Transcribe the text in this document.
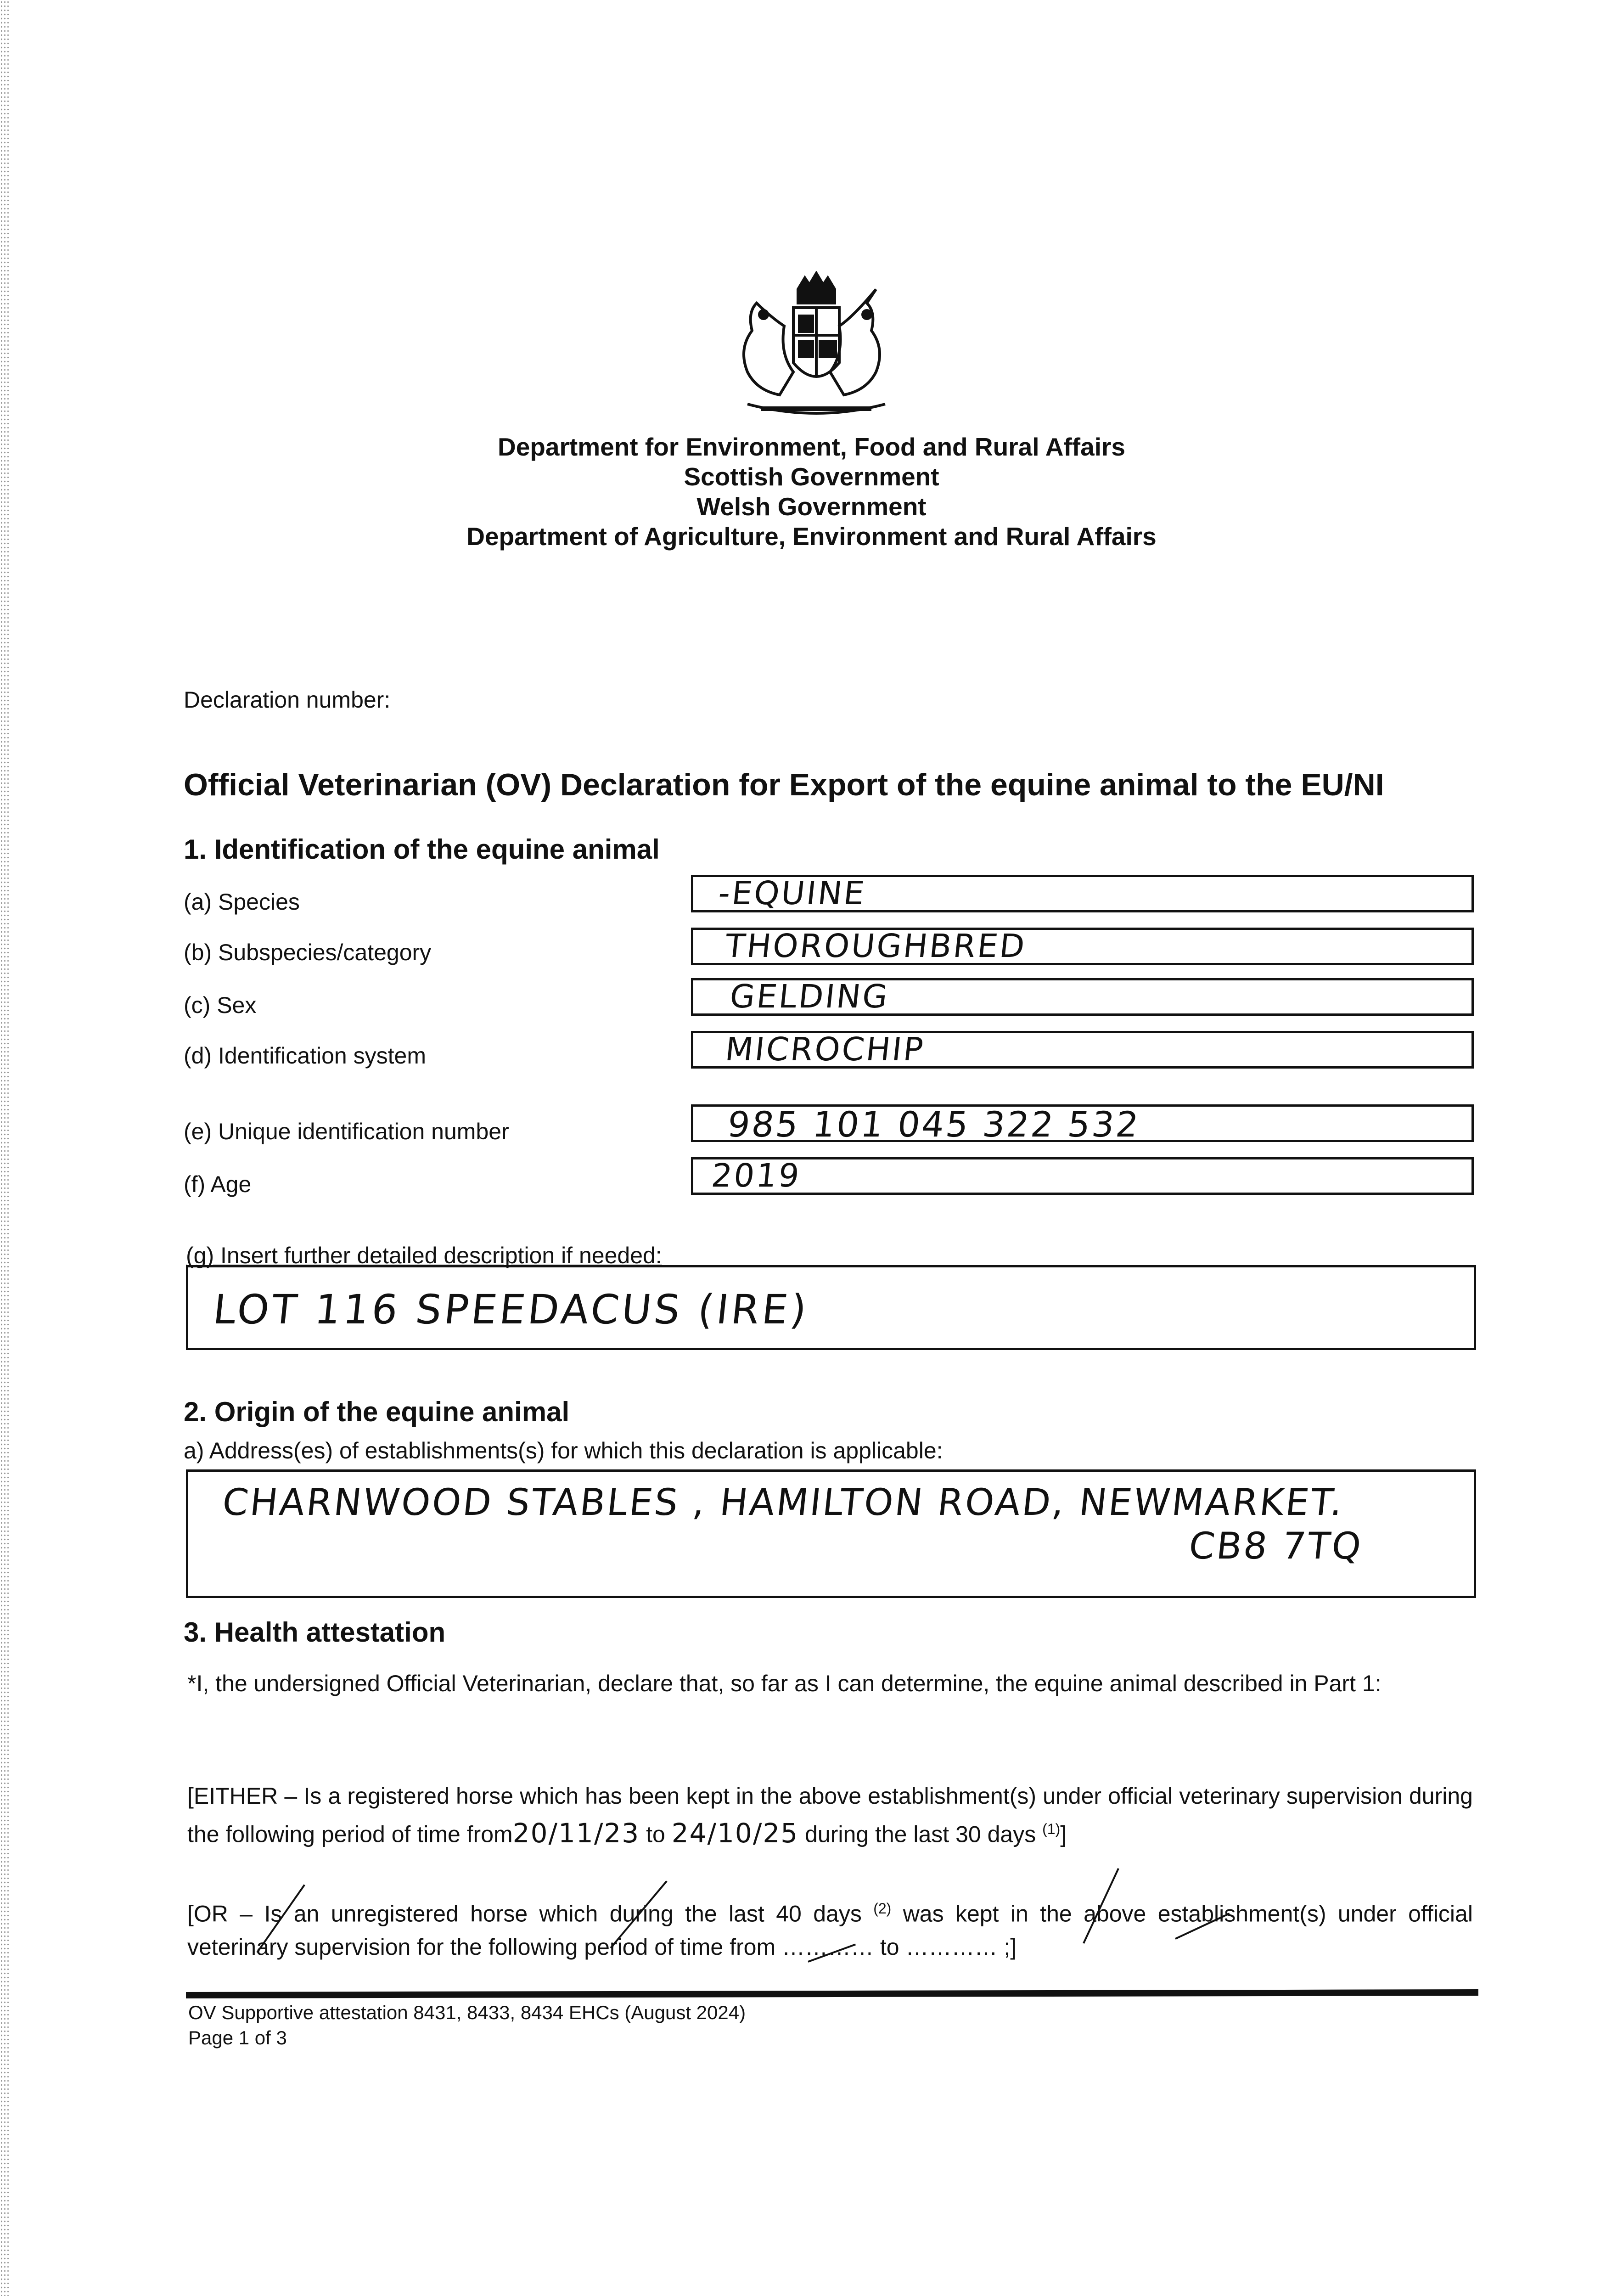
Department for Environment, Food and Rural Affairs
Scottish Government
Welsh Government
Department of Agriculture, Environment and Rural Affairs
Declaration number:
Official Veterinarian (OV) Declaration for Export of the equine animal to the EU/NI
1. Identification of the equine animal
(a) Species	-EQUINE
(b) Subspecies/category	THOROUGHBRED
(c) Sex	GELDING
(d) Identification system	MICROCHIP
(e) Unique identification number	985 101 045 322 532
(f) Age	2019
(g) Insert further detailed description if needed:
LOT 116 SPEEDACUS (IRE)
2. Origin of the equine animal
a) Address(es) of establishments(s) for which this declaration is applicable:
CHARNWOOD STABLES , HAMILTON ROAD, NEWMARKET.
CB8 7TQ
3. Health attestation
*I, the undersigned Official Veterinarian, declare that, so far as I can determine, the equine animal described in Part 1:
[EITHER – Is a registered horse which has been kept in the above establishment(s) under official veterinary supervision during the following period of time from20/11/23 to 24/10/25 during the last 30 days $^{(1)}$]
[OR – Is an unregistered horse which during the last 40 days $^{(2)}$ was kept in the above establishment(s) under official veterinary supervision for the following period of time from ………… to ………… ;]
OV Supportive attestation 8431, 8433, 8434 EHCs (August 2024)
Page 1 of 3
